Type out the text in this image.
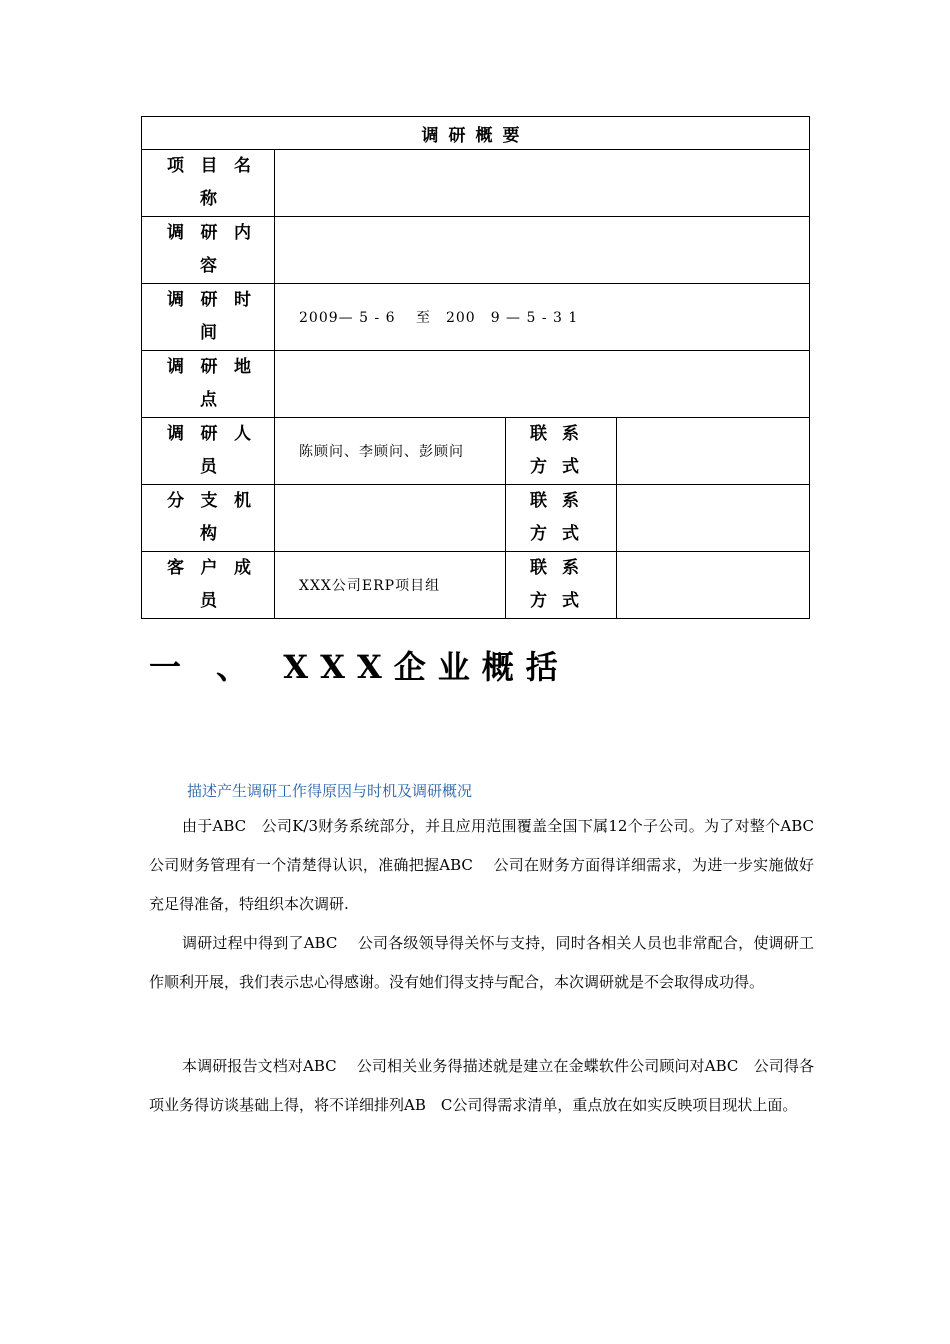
调研概要			

项目名
称			

调研内
容			

调研时
间	2009— 5 - 6　 至　200　9 — 5 - 3 1		

调研地
点			

调研人
员	陈顾问、李顾问、彭顾问	联系
方式	

分支机
构		联系
方式	

客户成
员	XXX公司ERP项目组	联系
方式	

一 、 XXX企业概括
描述产生调研工作得原因与时机及调研概况

由于ABC　公司K/3财务系统部分，并且应用范围覆盖全国下属12个子公司。为了对整个ABC　公司财务管理有一个清楚得认识，准确把握ABC　 公司在财务方面得详细需求，为进一步实施做好充足得准备，特组织本次调研.

调研过程中得到了ABC　 公司各级领导得关怀与支持，同时各相关人员也非常配合，使调研工作顺利开展，我们表示忠心得感谢。没有她们得支持与配合，本次调研就是不会取得成功得。

本调研报告文档对ABC　 公司相关业务得描述就是建立在金蝶软件公司顾问对ABC　公司得各项业务得访谈基础上得，将不详细排列AB　C公司得需求清单，重点放在如实反映项目现状上面。
